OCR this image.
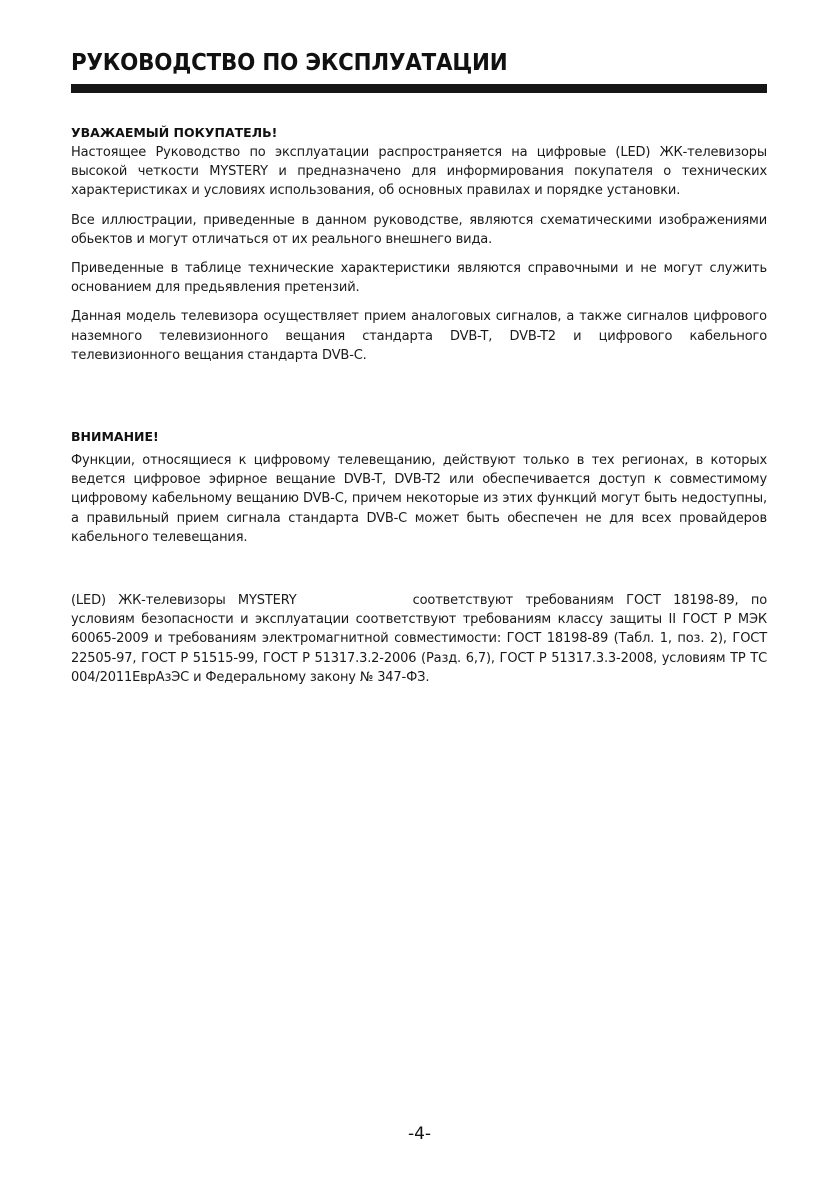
РУКОВОДСТВО ПО ЭКСПЛУАТАЦИИ
УВАЖАЕМЫЙ ПОКУПАТЕЛЬ!

Настоящее Руководство по эксплуатации распространяется на цифровые (LED) ЖК-телевизоры высокой четкости MYSTERY и предназначено для информирования покупателя о технических характеристиках и условиях использования, об основных правилах и порядке установки.

Все иллюстрации, приведенные в данном руководстве, являются схематическими изображениями обьектов и могут отличаться от их реального внешнего вида.

Приведенные в таблице технические характеристики являются справочными и не могут служить основанием для предьявления претензий.

Данная модель телевизора осуществляет прием аналоговых сигналов, а также сигналов цифрового наземного телевизионного вещания стандарта DVB-T, DVB-T2 и цифрового кабельного телевизионного вещания стандарта DVB-C.

ВНИМАНИЕ!

Функции, относящиеся к цифровому телевещанию, действуют только в тех регионах, в которых ведется цифровое эфирное вещание DVB-T, DVB-T2 или обеспечивается доступ к совместимому цифровому кабельному вещанию DVB-C, причем некоторые из этих функций могут быть недоступны, а правильный прием сигнала стандарта DVB-C может быть обеспечен не для всех провайдеров кабельного телевещания.

(LED) ЖК-телевизоры MYSTERY	соответствуют требованиям ГОСТ 18198-89, по условиям безопасности и эксплуатации соответствуют требованиям классу защиты II ГОСТ Р МЭК 60065-2009 и требованиям электромагнитной совместимости: ГОСТ 18198-89 (Табл. 1, поз. 2), ГОСТ 22505-97, ГОСТ Р 51515-99, ГОСТ Р 51317.3.2-2006 (Разд. 6,7), ГОСТ Р 51317.3.3-2008, условиям ТР ТС 004/2011ЕврАзЭС и Федеральному закону № 347-ФЗ.

-4-
